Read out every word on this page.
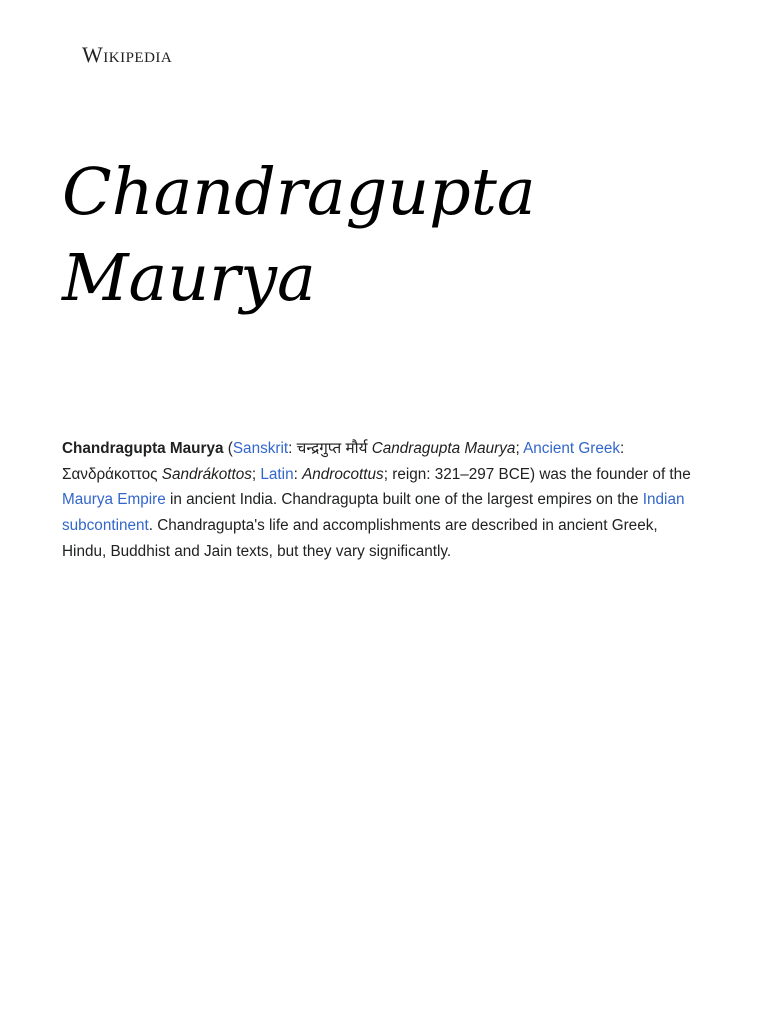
Wikipedia
Chandragupta
Maurya

Chandragupta Maurya (Sanskrit: चन्द्रगुप्त मौर्य Candragupta Maurya; Ancient Greek: Σανδράκοττος Sandrákottos; Latin: Androcottus; reign: 321–297 BCE) was the founder of the Maurya Empire in ancient India. Chandragupta built one of the largest empires on the Indian subcontinent. Chandragupta's life and accomplishments are described in ancient Greek, Hindu, Buddhist and Jain texts, but they vary significantly.
